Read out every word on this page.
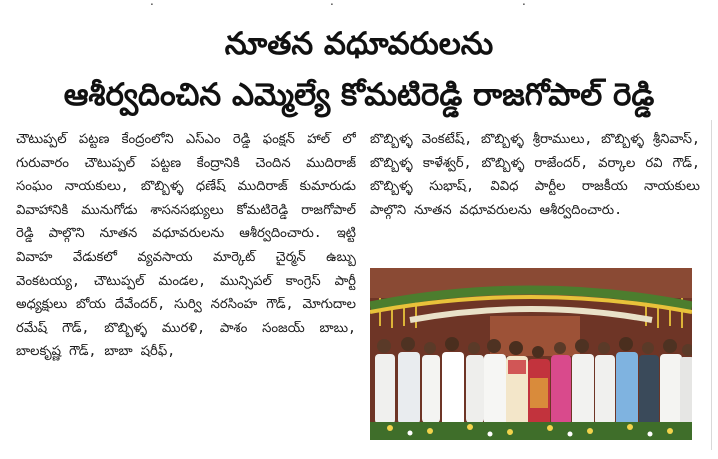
.	.	.
నూతన వధూవరులను
ఆశీర్వదించిన ఎమ్మెల్యే కోమటిరెడ్డి రాజగోపాల్ రెడ్డి

చౌటుప్పల్ పట్టణ కేంద్రంలోని ఎస్ఎం రెడ్డి ఫంక్షన్ హాల్ లో గురువారం చౌటుప్పల్ పట్టణ కేంద్రానికి చెందిన ముదిరాజ్ సంఘం నాయకులు, బొబ్బిళ్ళ ధణేష్ ముదిరాజ్ కుమారుడు వివాహానికి మునుగోడు శాసనసభ్యులు కోమటిరెడ్డి రాజగోపాల్ రెడ్డి పాల్గొని నూతన వధూవరులను ఆశీర్వదించారు. ఇట్టి వివాహ వేడుకలో వ్యవసాయ మార్కెట్ చైర్మన్ ఉబ్బు వెంకటయ్య, చౌటుప్పల్ మండల, మున్సిపల్ కాంగ్రెస్ పార్టీ అధ్యక్షులు బోయ దేవేందర్, సుర్వి నరసింహ గౌడ్, మోగుదాల రమేష్ గౌడ్, బొబ్బిళ్ళ మురళి, పాశం సంజయ్ బాబు, బాలకృష్ణ గౌడ్, బాబా షరీఫ్,

బొబ్బిళ్ళ వెంకటేష్, బొబ్బిళ్ళ శ్రీరాములు, బొబ్బిళ్ళ శ్రీనివాస్, బొబ్బిళ్ళ కాళేశ్వర్, బొబ్బిళ్ళ రాజేందర్, వర్కాల రవి గౌడ్, బొబ్బిళ్ళ సుభాష్, వివిధ పార్టీల రాజకీయ నాయకులు పాల్గొని నూతన వధూవరులను ఆశీర్వదించారు.
